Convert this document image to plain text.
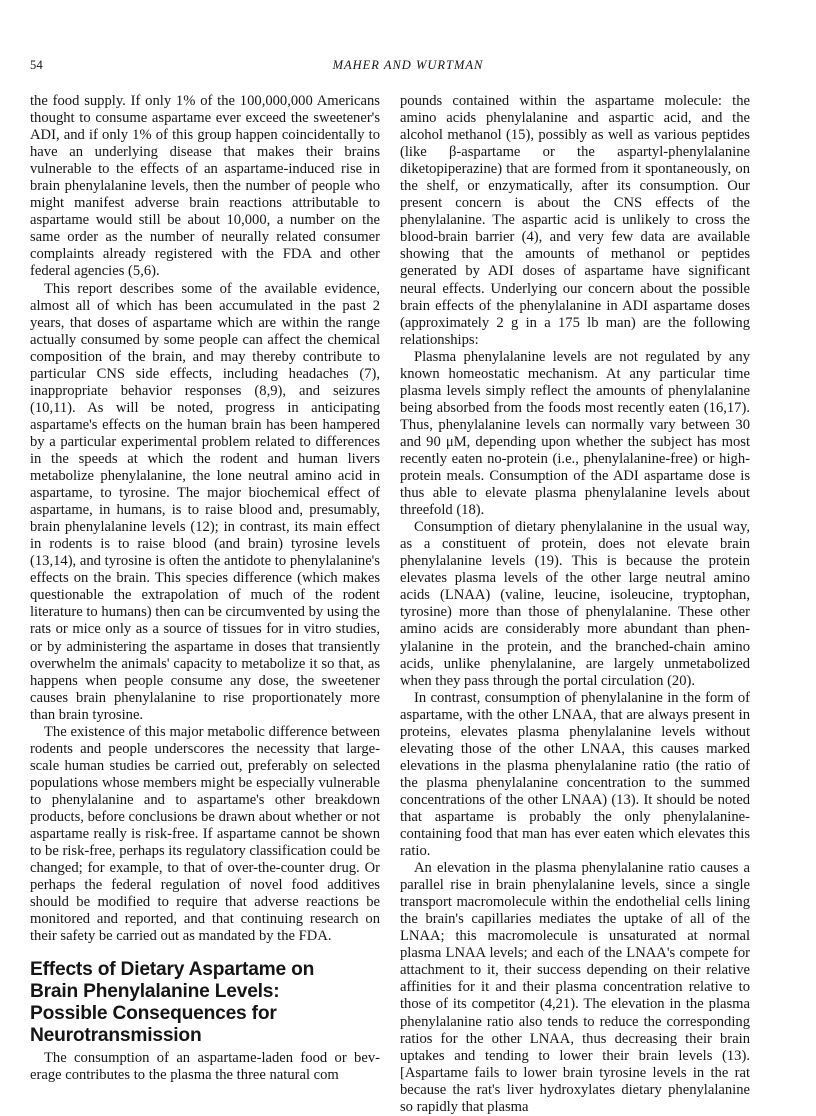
54	MAHER AND WURTMAN

the food supply. If only 1% of the 100,000,000 Americans thought to consume aspartame ever exceed the sweetener's ADI, and if only 1% of this group happen coincidentally to have an underlying disease that makes their brains vulnerable to the effects of an aspartame-induced rise in brain phenylalanine levels, then the number of people who might manifest adverse brain reactions attributable to aspartame would still be about 10,000, a number on the same order as the number of neurally related consumer complaints already registered with the FDA and other federal agencies (5,6).

This report describes some of the available evidence, almost all of which has been accumulated in the past 2 years, that doses of aspartame which are within the range actually consumed by some people can affect the chemical composition of the brain, and may thereby contribute to particular CNS side effects, including headaches (7), inappropriate behavior responses (8,9), and seizures (10,11). As will be noted, progress in anticipating aspartame's effects on the human brain has been hampered by a particular experimental problem related to differences in the speeds at which the rodent and human livers metabolize phenylalanine, the lone neutral amino acid in aspartame, to tyrosine. The major biochemical effect of aspartame, in humans, is to raise blood and, presumably, brain phenylalanine levels (12); in contrast, its main effect in rodents is to raise blood (and brain) tyrosine levels (13,14), and tyrosine is often the antidote to phenylalanine's effects on the brain. This species difference (which makes questionable the extrapolation of much of the rodent literature to humans) then can be circumvented by using the rats or mice only as a source of tissues for in vitro studies, or by administering the aspartame in doses that transiently overwhelm the animals' capacity to metabolize it so that, as happens when people consume any dose, the sweetener causes brain phenylalanine to rise proportionately more than brain tyrosine.

The existence of this major metabolic difference between rodents and people underscores the necessity that large-scale human studies be carried out, preferably on selected populations whose members might be especially vulnerable to phenylalanine and to aspartame's other breakdown products, before conclusions be drawn about whether or not aspartame really is risk-free. If aspartame cannot be shown to be risk-free, perhaps its regulatory classification could be changed; for example, to that of over-the-counter drug. Or perhaps the federal regulation of novel food additives should be modified to require that adverse reactions be monitored and reported, and that continuing research on their safety be carried out as mandated by the FDA.

Effects of Dietary Aspartame on
Brain Phenylalanine Levels:
Possible Consequences for
Neurotransmission

The consumption of an aspartame-laden food or beverage contributes to the plasma the three natural com

pounds contained within the aspartame molecule: the amino acids phenylalanine and aspartic acid, and the alcohol methanol (15), possibly as well as various peptides (like β-aspartame or the aspartyl-phenylalanine diketopiperazine) that are formed from it spontaneously, on the shelf, or enzymatically, after its consumption. Our present concern is about the CNS effects of the phenylalanine. The aspartic acid is unlikely to cross the blood-brain barrier (4), and very few data are available showing that the amounts of methanol or peptides generated by ADI doses of aspartame have significant neural effects. Underlying our concern about the possible brain effects of the phenylalanine in ADI aspartame doses (approximately 2 g in a 175 lb man) are the following relationships:

Plasma phenylalanine levels are not regulated by any known homeostatic mechanism. At any particular time plasma levels simply reflect the amounts of phenylalanine being absorbed from the foods most recently eaten (16,17). Thus, phenylalanine levels can normally vary between 30 and 90 μM, depending upon whether the subject has most recently eaten no-protein (i.e., phenylalanine-free) or high-protein meals. Consumption of the ADI aspartame dose is thus able to elevate plasma phenylalanine levels about threefold (18).

Consumption of dietary phenylalanine in the usual way, as a constituent of protein, does not elevate brain phenylalanine levels (19). This is because the protein elevates plasma levels of the other large neutral amino acids (LNAA) (valine, leucine, isoleucine, tryptophan, tyrosine) more than those of phenylalanine. These other amino acids are considerably more abundant than phenylalanine in the protein, and the branched-chain amino acids, unlike phenylalanine, are largely unmetabolized when they pass through the portal circulation (20).

In contrast, consumption of phenylalanine in the form of aspartame, with the other LNAA, that are always present in proteins, elevates plasma phenylalanine levels without elevating those of the other LNAA, this causes marked elevations in the plasma phenylalanine ratio (the ratio of the plasma phenylalanine concentration to the summed concentrations of the other LNAA) (13). It should be noted that aspartame is probably the only phenylalanine-containing food that man has ever eaten which elevates this ratio.

An elevation in the plasma phenylalanine ratio causes a parallel rise in brain phenylalanine levels, since a single transport macromolecule within the endothelial cells lining the brain's capillaries mediates the uptake of all of the LNAA; this macromolecule is unsaturated at normal plasma LNAA levels; and each of the LNAA's compete for attachment to it, their success depending on their relative affinities for it and their plasma concentration relative to those of its competitor (4,21). The elevation in the plasma phenylalanine ratio also tends to reduce the corresponding ratios for the other LNAA, thus decreasing their brain uptakes and tending to lower their brain levels (13). [Aspartame fails to lower brain tyrosine levels in the rat because the rat's liver hydroxylates dietary phenylalanine so rapidly that plasma
